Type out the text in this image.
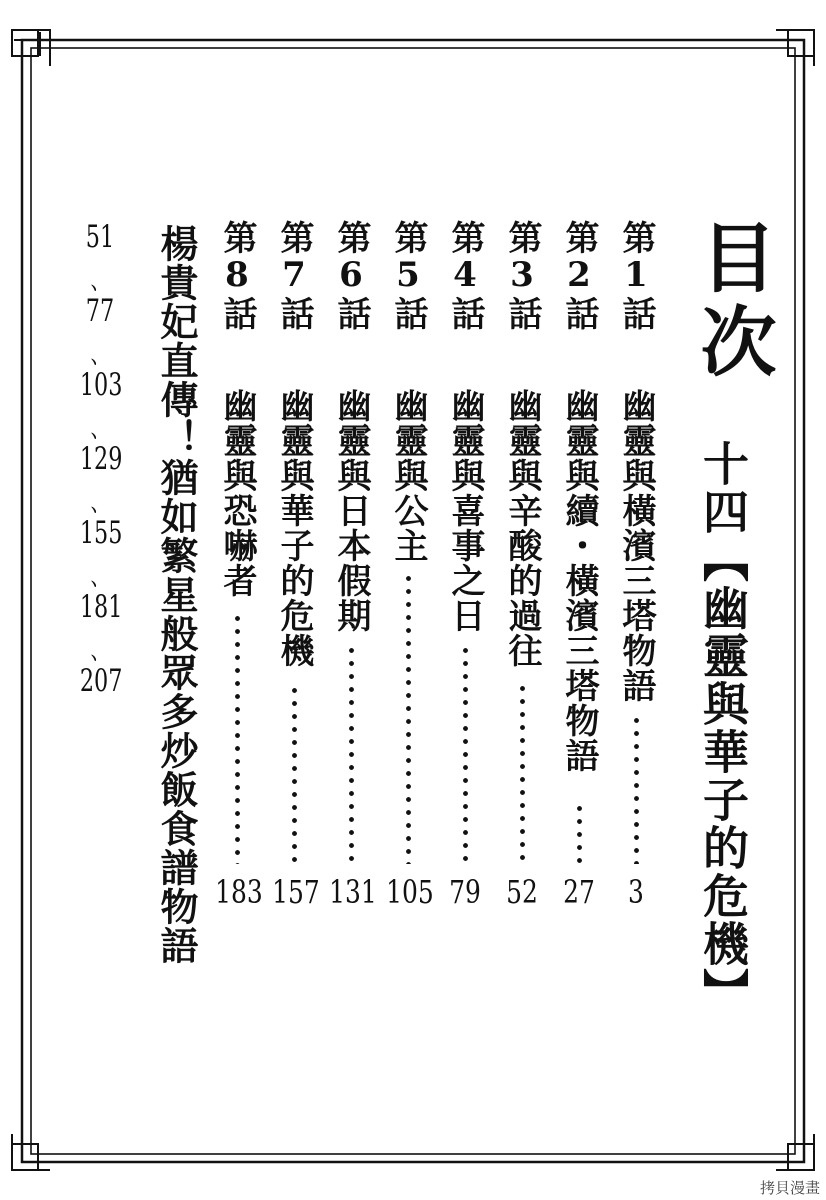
目次
十四【幽靈與華子的危機】
第1話
幽靈與橫濱三塔物語
3
第2話
幽靈與續・橫濱三塔物語
27
第3話
幽靈與辛酸的過往
52
第4話
幽靈與喜事之日
79
第5話
幽靈與公主
105
第6話
幽靈與日本假期
131
第7話
幽靈與華子的危機
157
第8話
幽靈與恐嚇者
183
楊貴妃直傳！猶如繁星般眾多炒飯食譜物語
51
、
77
、
103
、
129
、
155
、
181
、
207
拷貝漫畫
